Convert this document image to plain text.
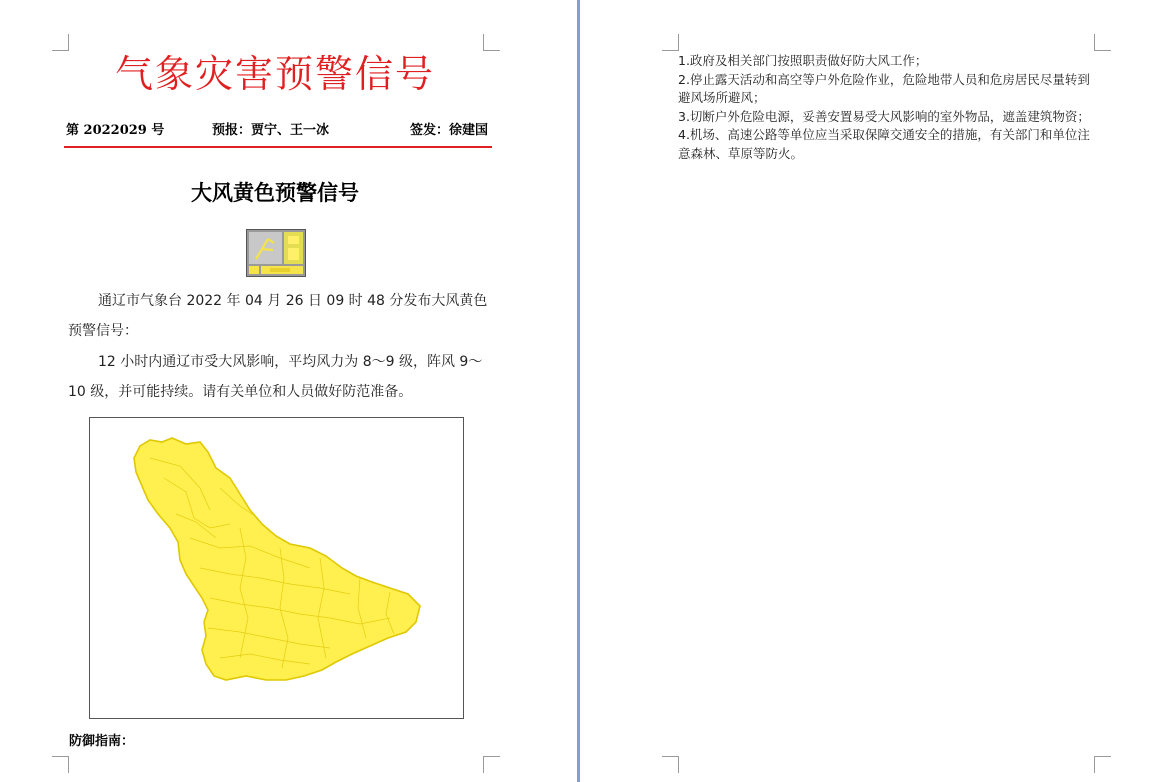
气象灾害预警信号
第 2022029 号	预报：贾宁、王一冰	签发：徐建国
大风黄色预警信号

通辽市气象台 2022 年 04 月 26 日 09 时 48 分发布大风黄色预警信号：

12 小时内通辽市受大风影响，平均风力为 8～9 级，阵风 9～10 级，并可能持续。请有关单位和人员做好防范准备。

防御指南：

1.政府及相关部门按照职责做好防大风工作；

2.停止露天活动和高空等户外危险作业，危险地带人员和危房居民尽量转到避风场所避风；

3.切断户外危险电源，妥善安置易受大风影响的室外物品，遮盖建筑物资；

4.机场、高速公路等单位应当采取保障交通安全的措施，有关部门和单位注意森林、草原等防火。
